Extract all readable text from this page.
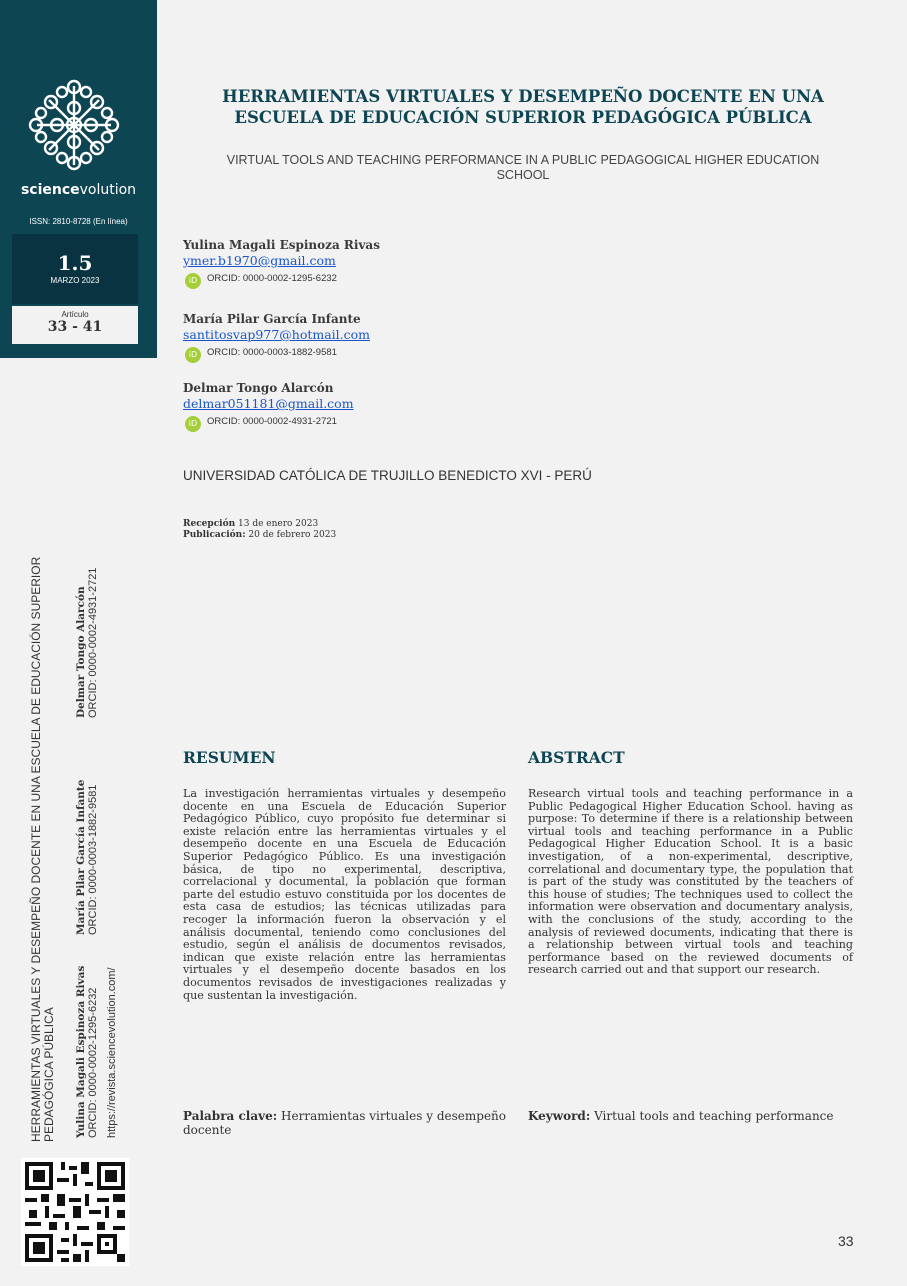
sciencevolution
ISSN: 2810-8728 (En línea)
1.5
MARZO 2023
Artículo
33 - 41
HERRAMIENTAS VIRTUALES Y DESEMPEÑO DOCENTE EN UNA ESCUELA DE EDUCACIÓN SUPERIOR PEDAGÓGICA PÚBLICA
VIRTUAL TOOLS AND TEACHING PERFORMANCE IN A PUBLIC PEDAGOGICAL HIGHER EDUCATION SCHOOL
Yulina Magali Espinoza Rivas
ymer.b1970@gmail.com
iD ORCID: 0000-0002-1295-6232
María Pilar García Infante
santitosvap977@hotmail.com
iD ORCID: 0000-0003-1882-9581
Delmar Tongo Alarcón
delmar051181@gmail.com
iD ORCID: 0000-0002-4931-2721
UNIVERSIDAD CATÓLICA DE TRUJILLO BENEDICTO XVI - PERÚ
Recepción 13 de enero 2023
Publicación: 20 de febrero 2023
HERRAMIENTAS VIRTUALES Y DESEMPEÑO DOCENTE EN UNA ESCUELA DE EDUCACIÓN SUPERIOR PEDAGÓGICA PÚBLICA Yulina Magali Espinoza Rivas ORCID: 0000-0002-1295-6232 https://revista.sciencevolution.com/
María Pilar García Infante ORCID: 0000-0003-1882-9581
Delmar Tongo Alarcón ORCID: 0000-0002-4931-2721
RESUMEN
La investigación herramientas virtuales y desempeño docente en una Escuela de Educación Superior Pedagógico Público, cuyo propósito fue determinar si existe relación entre las herramientas virtuales y el desempeño docente en una Escuela de Educación Superior Pedagógico Público. Es una investigación básica, de tipo no experimental, descriptiva, correlacional y documental, la población que forman parte del estudio estuvo constituida por los docentes de esta casa de estudios; las técnicas utilizadas para recoger la información fueron la observación y el análisis documental, teniendo como conclusiones del estudio, según el análisis de documentos revisados, indican que existe relación entre las herramientas virtuales y el desempeño docente basados en los documentos revisados de investigaciones realizadas y que sustentan la investigación.
Palabra clave: Herramientas virtuales y desempeño docente
ABSTRACT
Research virtual tools and teaching performance in a Public Pedagogical Higher Education School. having as purpose: To determine if there is a relationship between virtual tools and teaching performance in a Public Pedagogical Higher Education School. It is a basic investigation, of a non-experimental, descriptive, correlational and documentary type, the population that is part of the study was constituted by the teachers of this house of studies; The techniques used to collect the information were observation and documentary analysis, with the conclusions of the study, according to the analysis of reviewed documents, indicating that there is a relationship between virtual tools and teaching performance based on the reviewed documents of research carried out and that support our research.
Keyword: Virtual tools and teaching performance
33
